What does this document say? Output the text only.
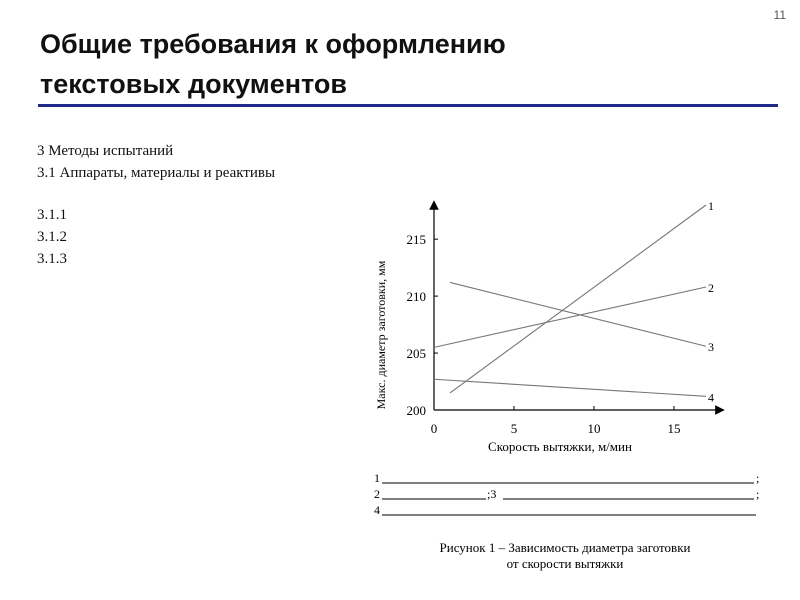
11
Общие требования к оформлению
текстовых документов
3 Методы испытаний
3.1 Аппараты, материалы и реактивы
3.1.1
3.1.2
3.1.3
0	5	10	15
200
205
210
215
1
2
3
4
Скорость вытяжки, м/мин
Макс. диаметр заготовки, мм
1	;
2	;3	;
4
Рисунок 1 – Зависимость диаметра заготовки
от скорости вытяжки
